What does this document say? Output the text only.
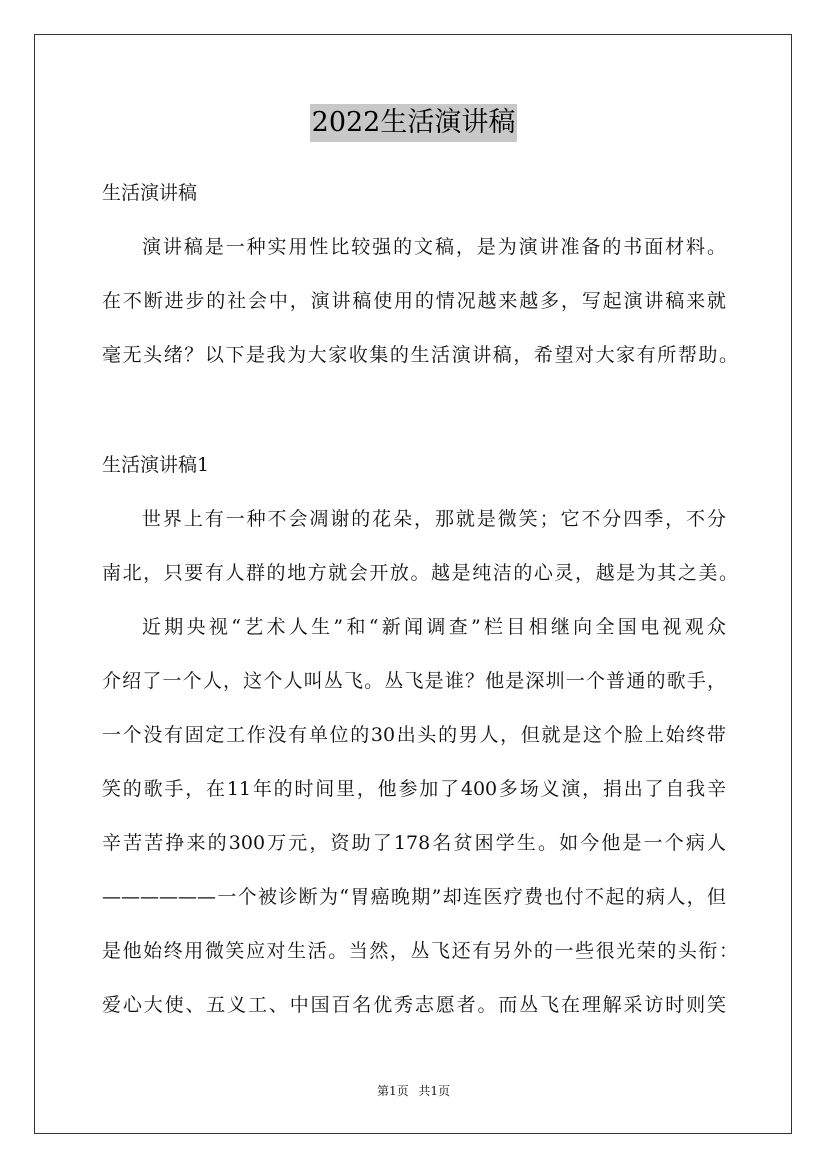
2022生活演讲稿
生活演讲稿
演讲稿是一种实用性比较强的文稿，是为演讲准备的书面材料。
在不断进步的社会中，演讲稿使用的情况越来越多，写起演讲稿来就
毫无头绪？以下是我为大家收集的生活演讲稿，希望对大家有所帮助。
生活演讲稿1
世界上有一种不会凋谢的花朵，那就是微笑；它不分四季，不分
南北，只要有人群的地方就会开放。越是纯洁的心灵，越是为其之美。
近期央视“艺术人生”和“新闻调查”栏目相继向全国电视观众
介绍了一个人，这个人叫丛飞。丛飞是谁？他是深圳一个普通的歌手，
一个没有固定工作没有单位的30出头的男人，但就是这个脸上始终带
笑的歌手，在11年的时间里，他参加了400多场义演，捐出了自我辛
辛苦苦挣来的300万元，资助了178名贫困学生。如今他是一个病人
——————一个被诊断为“胃癌晚期”却连医疗费也付不起的病人，但
是他始终用微笑应对生活。当然，丛飞还有另外的一些很光荣的头衔：
爱心大使、五义工、中国百名优秀志愿者。而丛飞在理解采访时则笑
第1页 共1页
